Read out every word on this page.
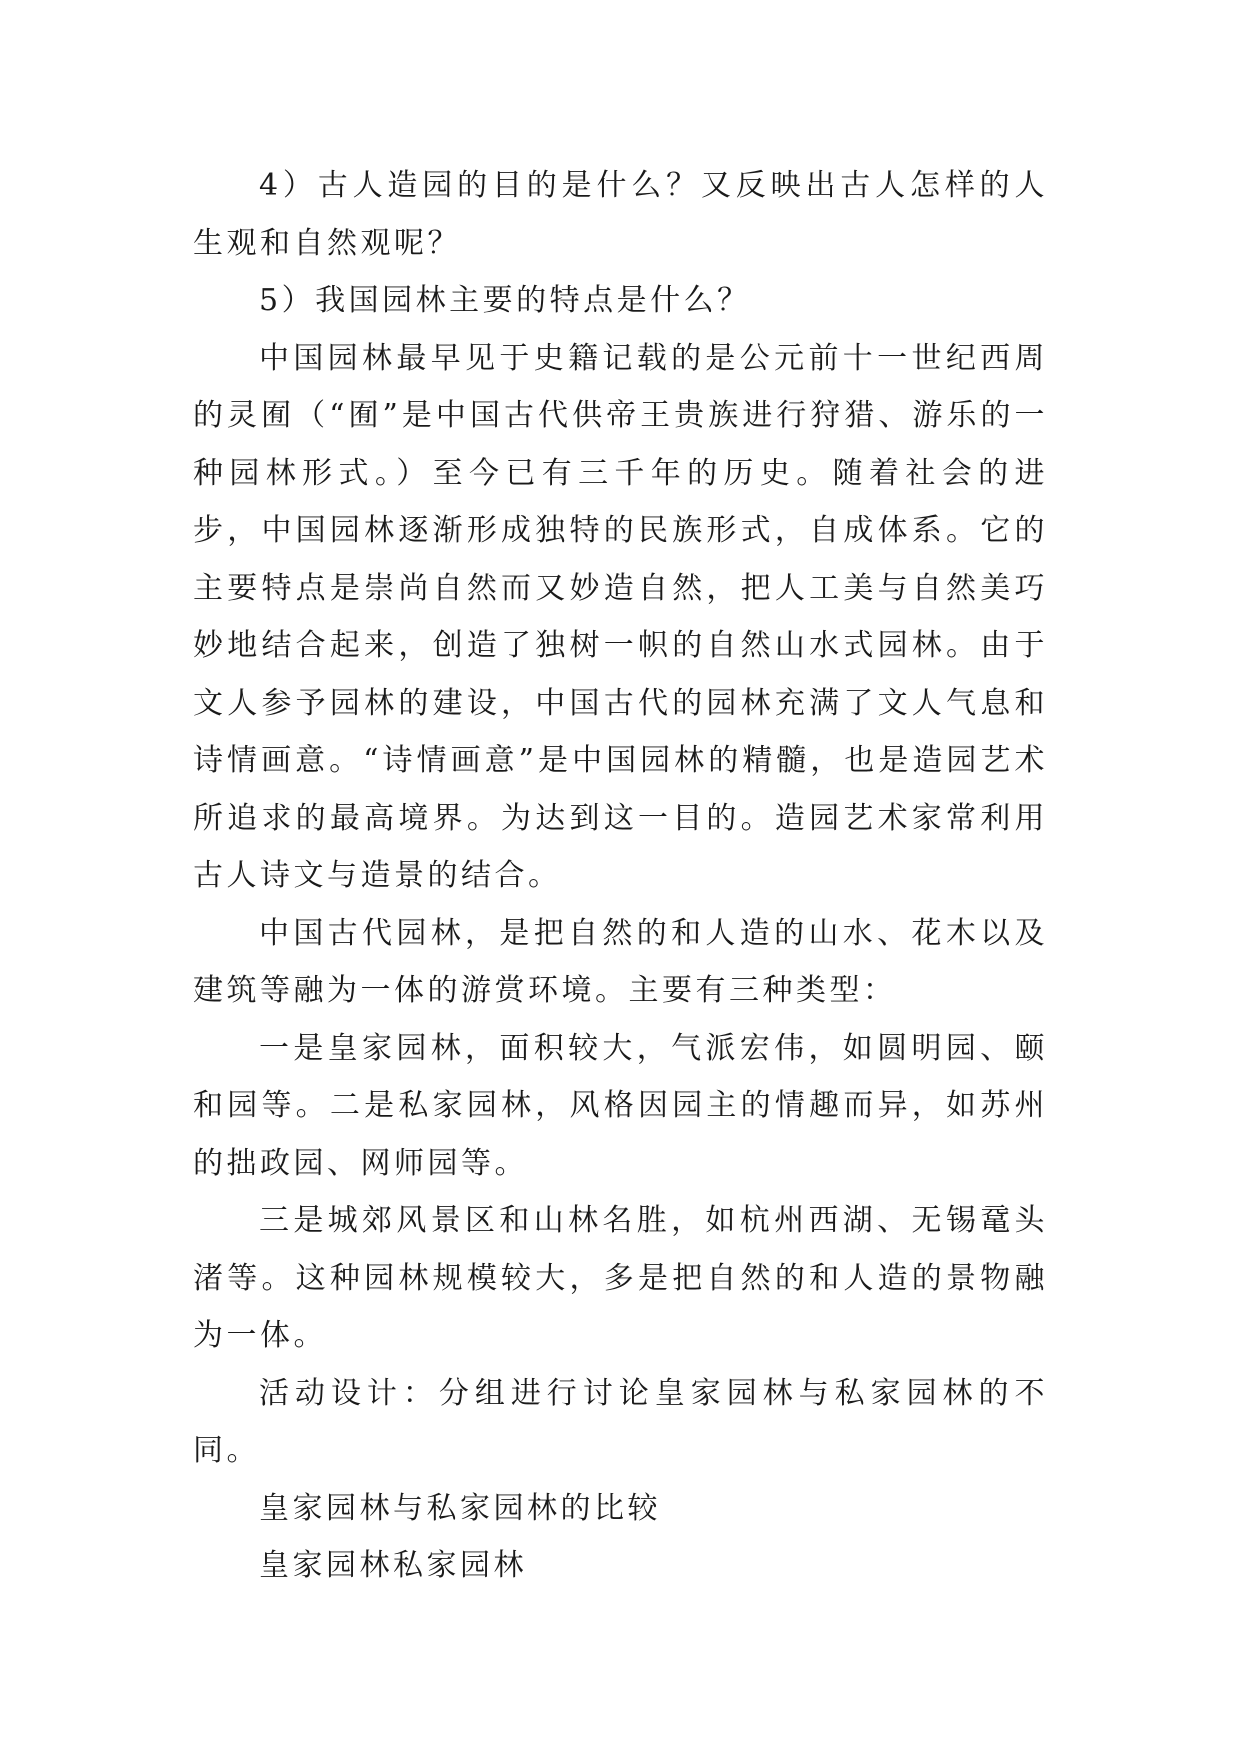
4）古人造园的目的是什么？又反映出古人怎样的人生观和自然观呢？

5）我国园林主要的特点是什么？

中国园林最早见于史籍记载的是公元前十一世纪西周的灵囿（“囿”是中国古代供帝王贵族进行狩猎、游乐的一种园林形式。）至今已有三千年的历史。随着社会的进步，中国园林逐渐形成独特的民族形式，自成体系。它的主要特点是崇尚自然而又妙造自然，把人工美与自然美巧妙地结合起来，创造了独树一帜的自然山水式园林。由于文人参予园林的建设，中国古代的园林充满了文人气息和诗情画意。“诗情画意”是中国园林的精髓，也是造园艺术所追求的最高境界。为达到这一目的。造园艺术家常利用古人诗文与造景的结合。

中国古代园林，是把自然的和人造的山水、花木以及建筑等融为一体的游赏环境。主要有三种类型：

一是皇家园林，面积较大，气派宏伟，如圆明园、颐和园等。二是私家园林，风格因园主的情趣而异，如苏州的拙政园、网师园等。

三是城郊风景区和山林名胜，如杭州西湖、无锡鼋头渚等。这种园林规模较大，多是把自然的和人造的景物融为一体。

活动设计：分组进行讨论皇家园林与私家园林的不同。

皇家园林与私家园林的比较

皇家园林私家园林
